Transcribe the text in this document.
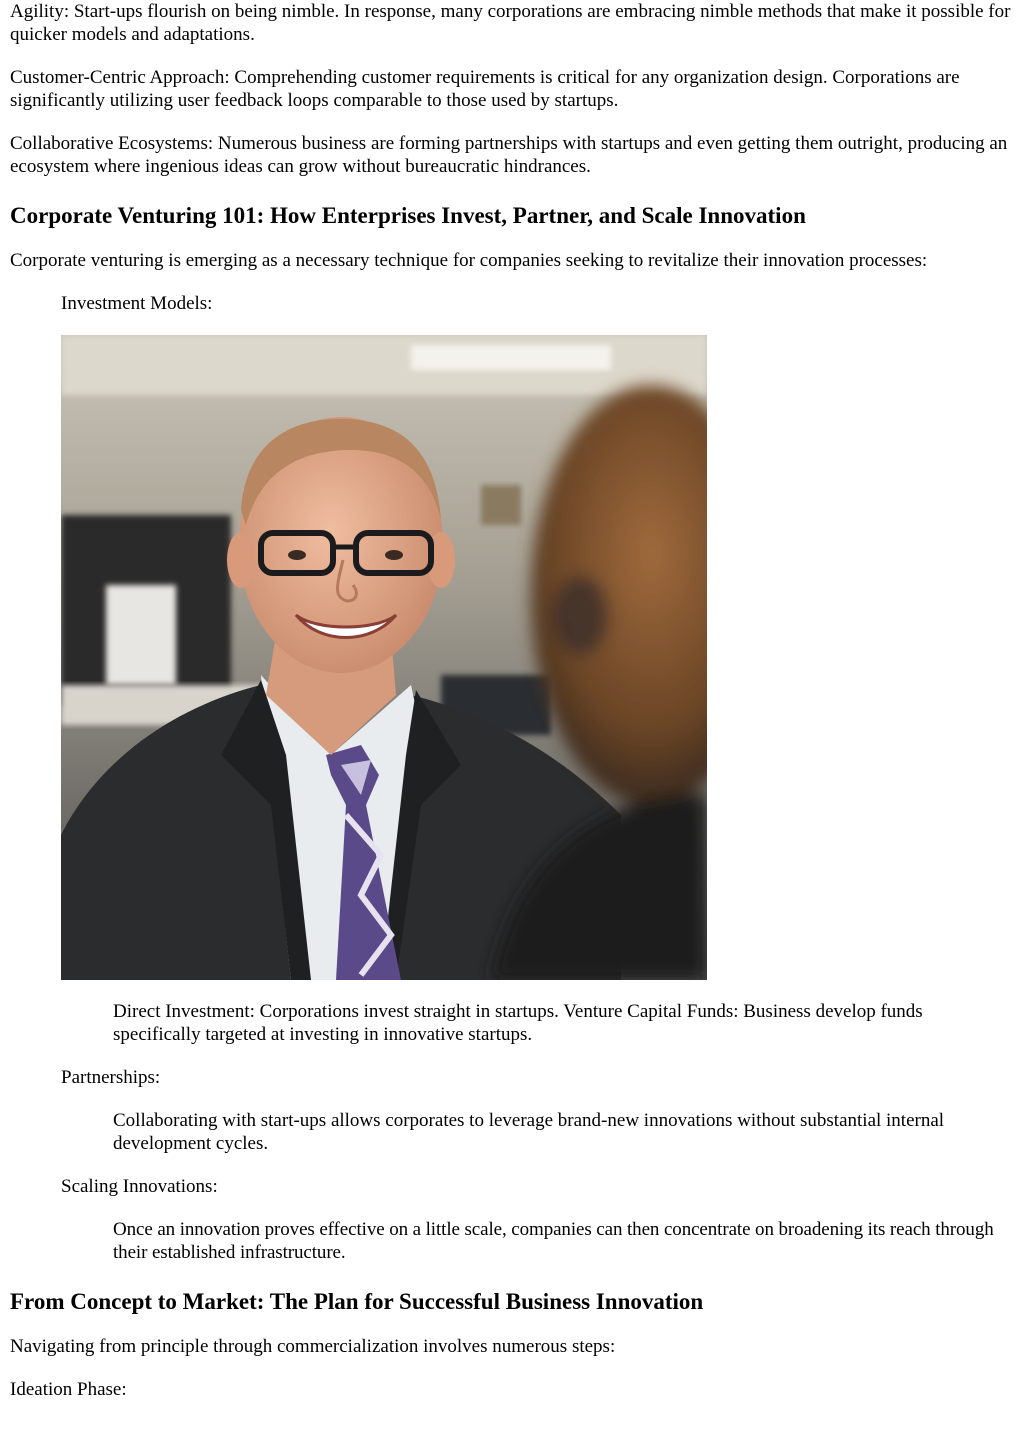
Agility: Start-ups flourish on being nimble. In response, many corporations are embracing nimble methods that make it possible for quicker models and adaptations.

Customer-Centric Approach: Comprehending customer requirements is critical for any organization design. Corporations are significantly utilizing user feedback loops comparable to those used by startups.

Collaborative Ecosystems: Numerous business are forming partnerships with startups and even getting them outright, producing an ecosystem where ingenious ideas can grow without bureaucratic hindrances.

Corporate Venturing 101: How Enterprises Invest, Partner, and Scale Innovation

Corporate venturing is emerging as a necessary technique for companies seeking to revitalize their innovation processes:

Investment Models:

Direct Investment: Corporations invest straight in startups. Venture Capital Funds: Business develop funds specifically targeted at investing in innovative startups.

Partnerships:

Collaborating with start-ups allows corporates to leverage brand-new innovations without substantial internal development cycles.

Scaling Innovations:

Once an innovation proves effective on a little scale, companies can then concentrate on broadening its reach through their established infrastructure.

From Concept to Market: The Plan for Successful Business Innovation

Navigating from principle through commercialization involves numerous steps:

Ideation Phase:
